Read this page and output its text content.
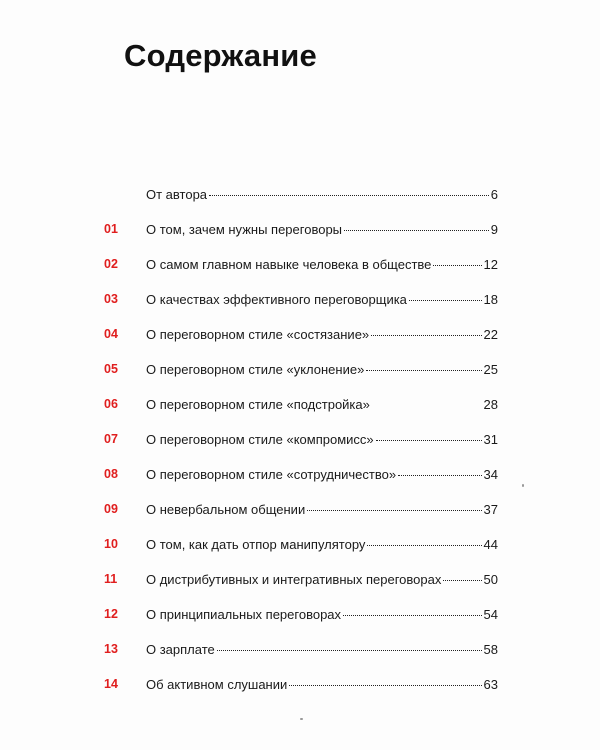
Содержание
От автора	6
01 О том, зачем нужны переговоры	9
02 О самом главном навыке человека в обществе	12
03 О качествах эффективного переговорщика	18
04 О переговорном стиле «состязание»	22
05 О переговорном стиле «уклонение»	25
06 О переговорном стиле «подстройка»	28
07 О переговорном стиле «компромисс»	31
08 О переговорном стиле «сотрудничество»	34
09 О невербальном общении	37
10 О том, как дать отпор манипулятору	44
11 О дистрибутивных и интегративных переговорах	50
12 О принципиальных переговорах	54
13 О зарплате	58
14 Об активном слушании	63
